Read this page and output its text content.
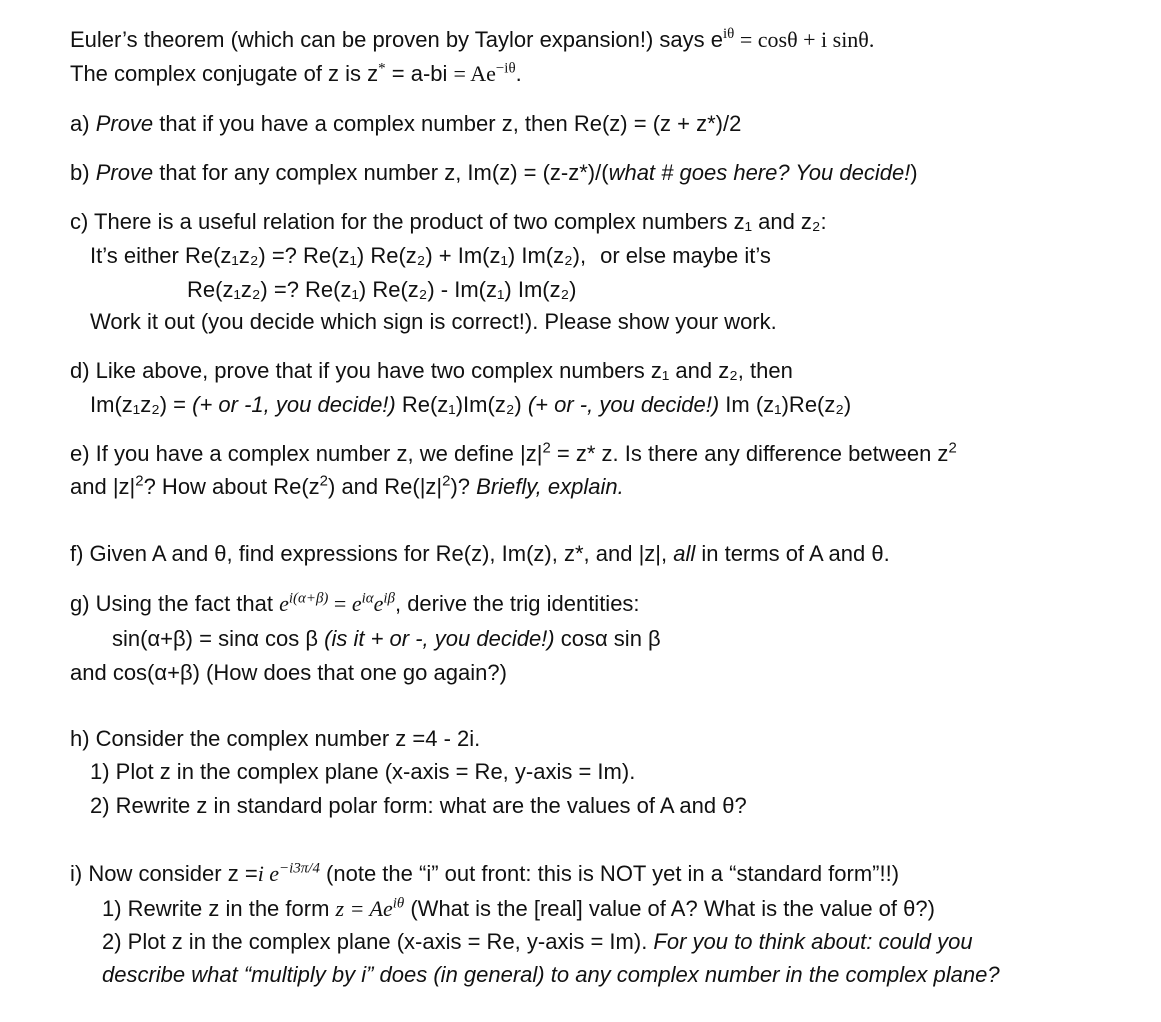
Euler’s theorem (which can be proven by Taylor expansion!) says $e^{i\theta} = \cos\theta + i$ sinθ.
The complex conjugate of z is $z^* = a-bi = Ae^{-i\theta}$.
a) Prove that if you have a complex number z, then Re(z) = (z + z*)/2
b) Prove that for any complex number z, Im(z) = (z-z*)/(what # goes here? You decide!)
c) There is a useful relation for the product of two complex numbers z₁ and z₂:
It’s either Re(z₁z₂) =? Re(z₁) Re(z₂) + Im(z₁) Im(z₂), or else maybe it’s
Re(z₁z₂) =? Re(z₁) Re(z₂) - Im(z₁) Im(z₂)
Work it out (you decide which sign is correct!). Please show your work.
d) Like above, prove that if you have two complex numbers z₁ and z₂, then
Im(z₁z₂) = (+ or -1, you decide!) Re(z₁)Im(z₂) (+ or -, you decide!) Im (z₁)Re(z₂)
e) If you have a complex number z, we define $|z|^2 = z*$ z. Is there any difference between $z^2$
and $|z|^2$? How about $Re(z^2)$ and $Re(|z|^2)$? Briefly, explain.
f) Given A and θ, find expressions for Re(z), Im(z), z*, and |z|, all in terms of A and θ.
g) Using the fact that $e^{i(\alpha+\beta)} = e^{i\alpha}e^{i\beta}$, derive the trig identities:
sin(α+β) = sinα cos β (is it + or -, you decide!) cosα sin β
and cos(α+β) (How does that one go again?)
h) Consider the complex number z =4 - 2i.
1) Plot z in the complex plane (x-axis = Re, y-axis = Im).
2) Rewrite z in standard polar form: what are the values of A and θ?
i) Now consider z =i $e^{-i3\pi/4}$ (note the “i” out front: this is NOT yet in a “standard form”!!)
1) Rewrite z in the form $z = Ae^{i\theta}$ (What is the [real] value of A? What is the value of θ?)
2) Plot z in the complex plane (x-axis = Re, y-axis = Im). For you to think about: could you
describe what “multiply by i” does (in general) to any complex number in the complex plane?
